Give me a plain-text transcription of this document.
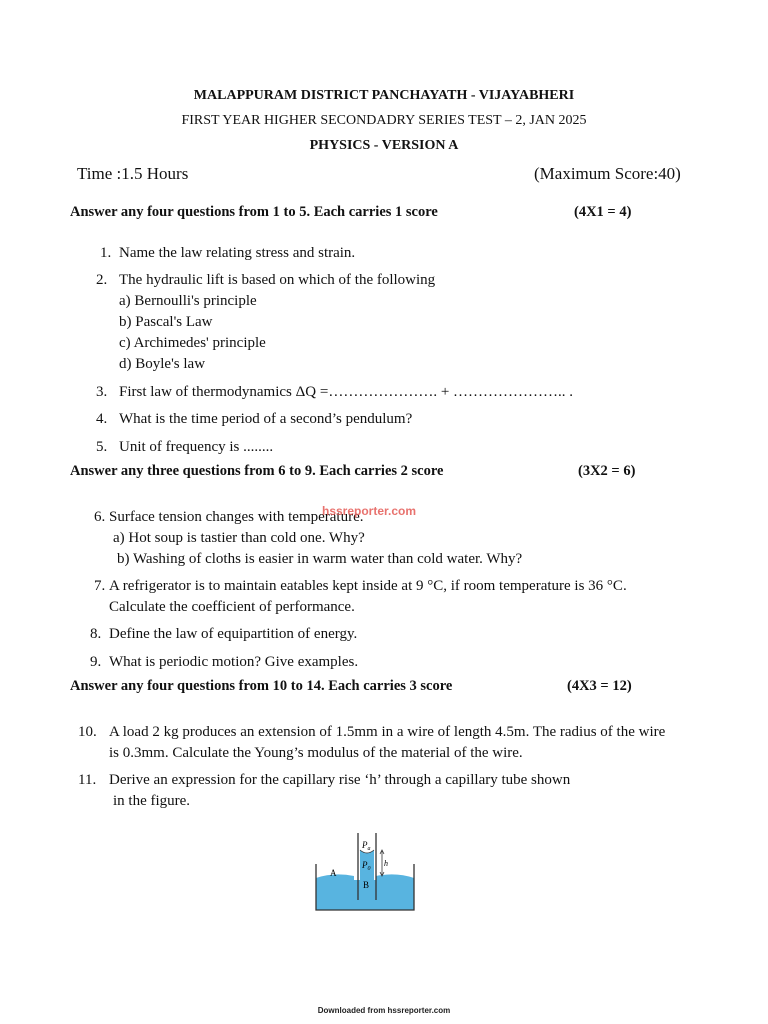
MALAPPURAM DISTRICT PANCHAYATH - VIJAYABHERI
FIRST YEAR HIGHER SECONDADRY SERIES TEST – 2, JAN 2025
PHYSICS - VERSION A
Time :1.5 Hours	(Maximum Score:40)
Answer any four questions from 1 to 5. Each carries 1 score	(4X1 = 4)
1. Name the law relating stress and strain.
2. The hydraulic lift is based on which of the following
a) Bernoulli's principle
b) Pascal's Law
c) Archimedes' principle
d) Boyle's law
3. First law of thermodynamics ΔQ =…………………. + ………………….. .
4. What is the time period of a second’s pendulum?
5. Unit of frequency is ........
Answer any three questions from 6 to 9. Each carries 2 score	(3X2 = 6)
6. Surface tension changes with temperature.
hssreporter.com
a) Hot soup is tastier than cold one. Why?
b) Washing of cloths is easier in warm water than cold water. Why?
7. A refrigerator is to maintain eatables kept inside at 9 °C, if room temperature is 36 °C.
Calculate the coefficient of performance.
8. Define the law of equipartition of energy.
9. What is periodic motion? Give examples.
Answer any four questions from 10 to 14. Each carries 3 score	(4X3 = 12)
10. A load 2 kg produces an extension of 1.5mm in a wire of length 4.5m. The radius of the wire
is 0.3mm. Calculate the Young’s modulus of the material of the wire.
11. Derive an expression for the capillary rise ‘h’ through a capillary tube shown
in the figure.
$P_a$
$P_0$
h
A
B
Downloaded from hssreporter.com
